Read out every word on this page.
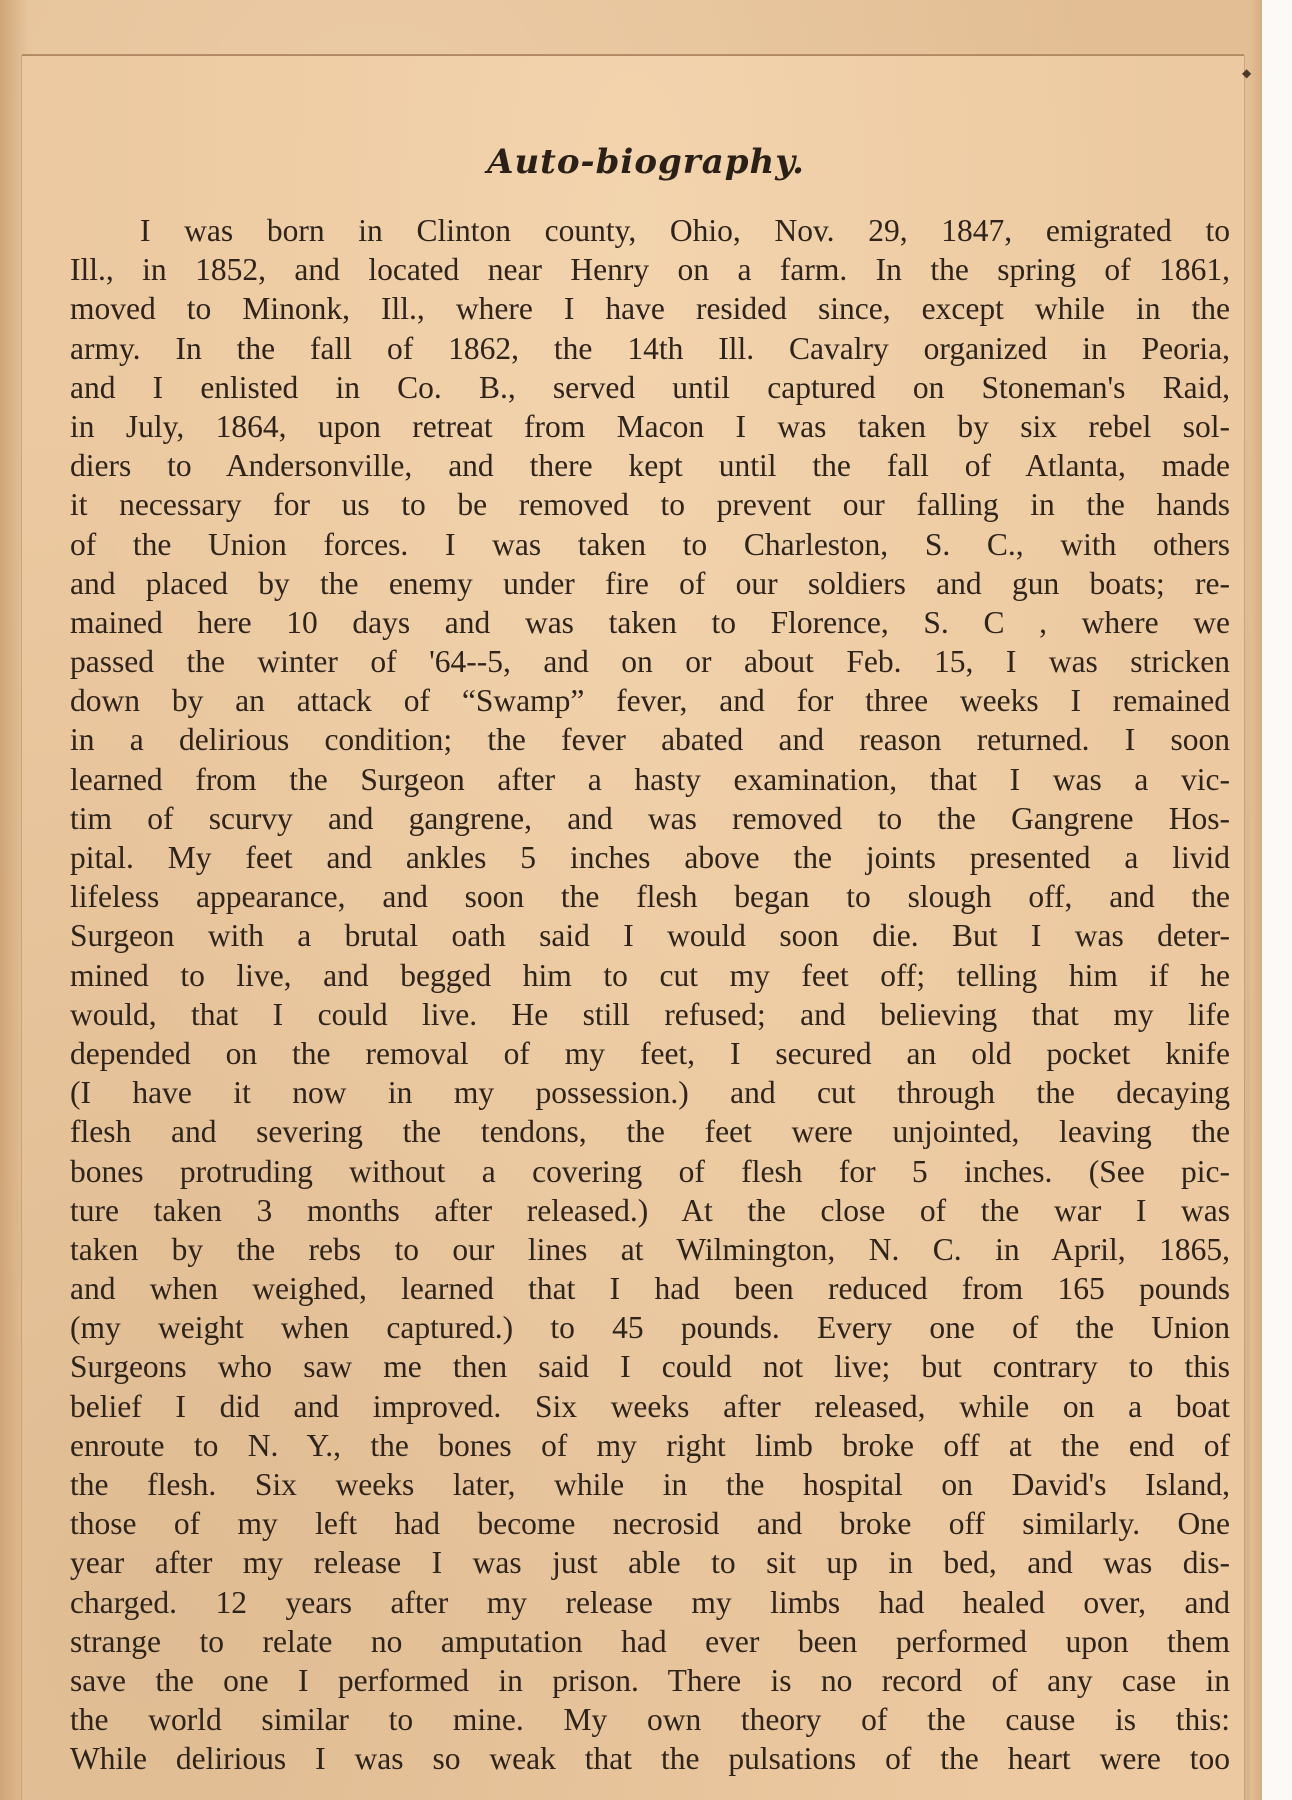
◆
Auto-biography.
I was born in Clinton county, Ohio, Nov. 29, 1847, emigrated to
Ill., in 1852, and located near Henry on a farm. In the spring of 1861,
moved to Minonk, Ill., where I have resided since, except while in the
army. In the fall of 1862, the 14th Ill. Cavalry organized in Peoria,
and I enlisted in Co. B., served until captured on Stoneman's Raid,
in July, 1864, upon retreat from Macon I was taken by six rebel sol-
diers to Andersonville, and there kept until the fall of Atlanta, made
it necessary for us to be removed to prevent our falling in the hands
of the Union forces. I was taken to Charleston, S. C., with others
and placed by the enemy under fire of our soldiers and gun boats; re-
mained here 10 days and was taken to Florence, S. C , where we
passed the winter of '64--5, and on or about Feb. 15, I was stricken
down by an attack of “Swamp” fever, and for three weeks I remained
in a delirious condition; the fever abated and reason returned. I soon
learned from the Surgeon after a hasty examination, that I was a vic-
tim of scurvy and gangrene, and was removed to the Gangrene Hos-
pital. My feet and ankles 5 inches above the joints presented a livid
lifeless appearance, and soon the flesh began to slough off, and the
Surgeon with a brutal oath said I would soon die. But I was deter-
mined to live, and begged him to cut my feet off; telling him if he
would, that I could live. He still refused; and believing that my life
depended on the removal of my feet, I secured an old pocket knife
(I have it now in my possession.) and cut through the decaying
flesh and severing the tendons, the feet were unjointed, leaving the
bones protruding without a covering of flesh for 5 inches. (See pic-
ture taken 3 months after released.) At the close of the war I was
taken by the rebs to our lines at Wilmington, N. C. in April, 1865,
and when weighed, learned that I had been reduced from 165 pounds
(my weight when captured.) to 45 pounds. Every one of the Union
Surgeons who saw me then said I could not live; but contrary to this
belief I did and improved. Six weeks after released, while on a boat
enroute to N. Y., the bones of my right limb broke off at the end of
the flesh. Six weeks later, while in the hospital on David's Island,
those of my left had become necrosid and broke off similarly. One
year after my release I was just able to sit up in bed, and was dis-
charged. 12 years after my release my limbs had healed over, and
strange to relate no amputation had ever been performed upon them
save the one I performed in prison. There is no record of any case in
the world similar to mine. My own theory of the cause is this:
While delirious I was so weak that the pulsations of the heart were too
